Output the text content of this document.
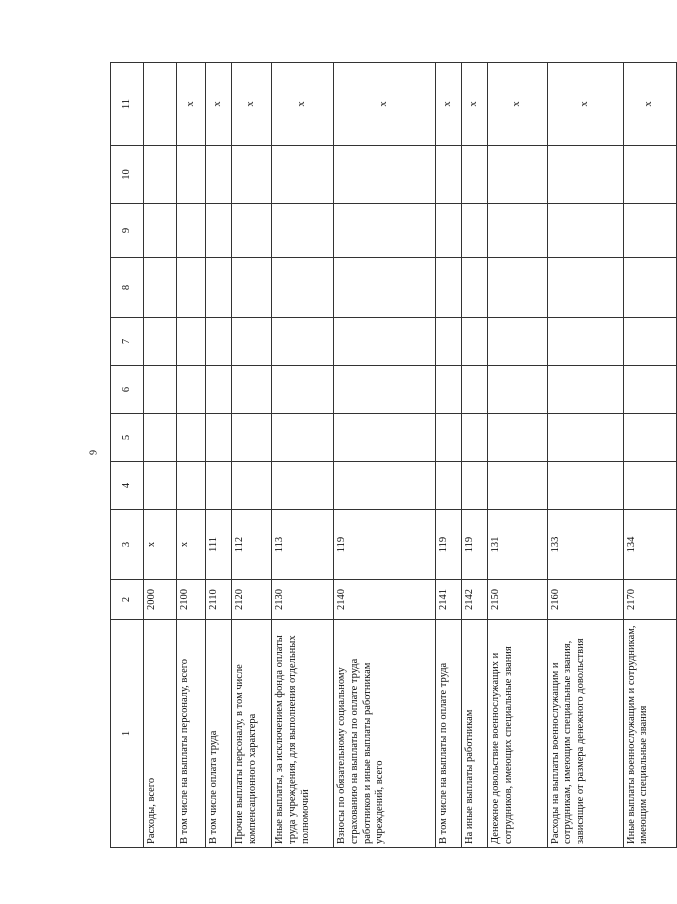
9
1	2	3	4	5	6	7	8	9	10	11
Расходы, всего	2000	x								
В том числе на выплаты персоналу, всего	2100	x								x
В том числе оплата труда	2110	111								x
Прочие выплаты персоналу, в том числе компенсационного характера	2120	112								x
Иные выплаты, за исключением фонда оплаты труда учреждения, для выполнения отдельных полномочий	2130	113								x
Взносы по обязательному социальному страхованию на выплаты по оплате труда работников и иные выплаты работникам учреждений, всего	2140	119								x
В том числе на выплаты по оплате труда	2141	119								x
На иные выплаты работникам	2142	119								x
Денежное довольствие военнослужащих и сотрудников, имеющих специальные звания	2150	131								x
Расходы на выплаты военнослужащим и сотрудникам, имеющим специальные звания, зависящие от размера денежного довольствия	2160	133								x
Иные выплаты военнослужащим и сотрудникам, имеющим специальные звания	2170	134								x
